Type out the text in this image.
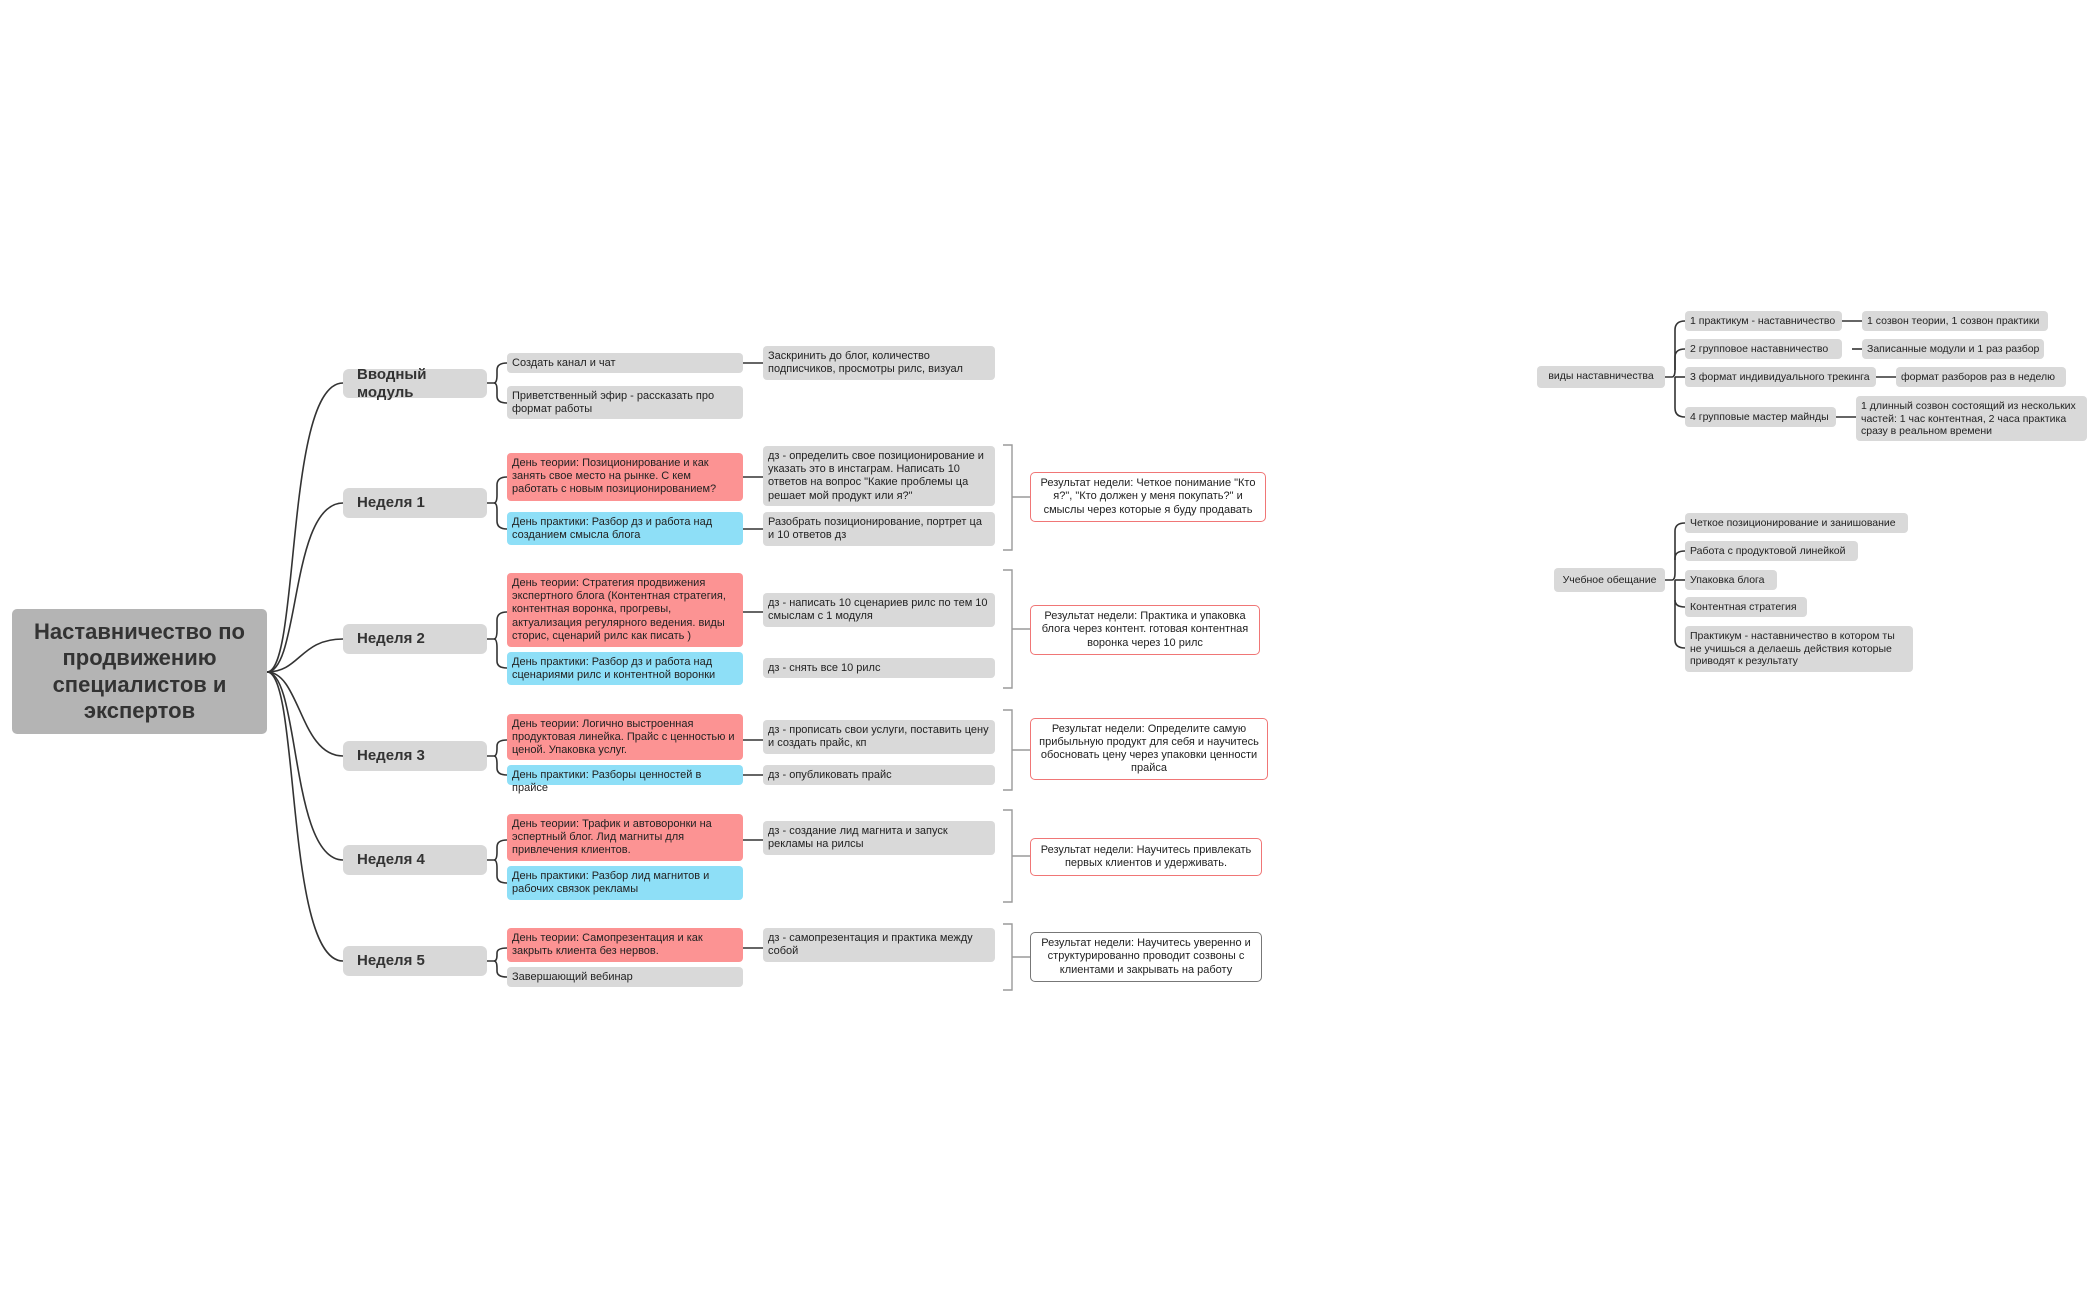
Наставничество по продвижению специалистов и экспертов
Вводный модуль
Создать канал и чат
Приветственный эфир - рассказать про формат работы
Заскринить до блог, количество подписчиков, просмотры рилс, визуал
Неделя 1
День теории: Позиционирование и как занять свое место на рынке. С кем работать с новым позиционированием?
День практики: Разбор дз и работа над созданием смысла блога
дз - определить свое позиционирование и указать это в инстаграм. Написать 10 ответов на вопрос "Какие проблемы ца решает мой продукт или я?"
Разобрать позиционирование, портрет ца и 10 ответов дз
Результат недели: Четкое понимание "Кто я?", "Кто должен у меня покупать?" и смыслы через которые я буду продавать
Неделя 2
День теории: Стратегия продвижения экспертного блога (Контентная стратегия, контентная воронка, прогревы, актуализация регулярного ведения. виды сторис, сценарий рилс как писать )
День практики: Разбор дз и работа над сценариями рилс и контентной воронки
дз - написать 10 сценариев рилс по тем 10 смыслам с 1 модуля
дз - снять все 10 рилс
Результат недели: Практика и упаковка блога через контент. готовая контентная воронка через 10 рилс
Неделя 3
День теории: Логично выстроенная продуктовая линейка. Прайс с ценностью и ценой. Упаковка услуг.
День практики: Разборы ценностей в прайсе
дз - прописать свои услуги, поставить цену и создать прайс, кп
дз - опубликовать прайс
Результат недели: Определите самую прибыльную продукт для себя и научитесь обосновать цену через упаковки ценности прайса
Неделя 4
День теории: Трафик и автоворонки на эспертный блог. Лид магниты для привлечения клиентов.
День практики: Разбор лид магнитов и рабочих связок рекламы
дз - создание лид магнита и запуск рекламы на рилсы	Результат недели: Научитесь привлекать первых клиентов и удерживать.
Неделя 5
День теории: Самопрезентация и как закрыть клиента без нервов.
Завершающий вебинар
дз - самопрезентация и практика между собой
Результат недели: Научитесь уверенно и структурированно проводит созвоны с клиентами и закрывать на работу
виды наставничества
1 практикум - наставничество	1 созвон теории, 1 созвон практики
2 групповое наставничество	Записанные модули и 1 раз разбор
3 формат индивидуального трекинга	формат разборов раз в неделю
4 групповые мастер майнды
1 длинный созвон состоящий из нескольких частей: 1 час контентная, 2 часа практика сразу в реальном времени
Учебное обещание
Четкое позиционирование и занишование
Работа с продуктовой линейкой
Упаковка блога
Контентная стратегия
Практикум - наставничество в котором ты не учишься а делаешь действия которые приводят к результату
